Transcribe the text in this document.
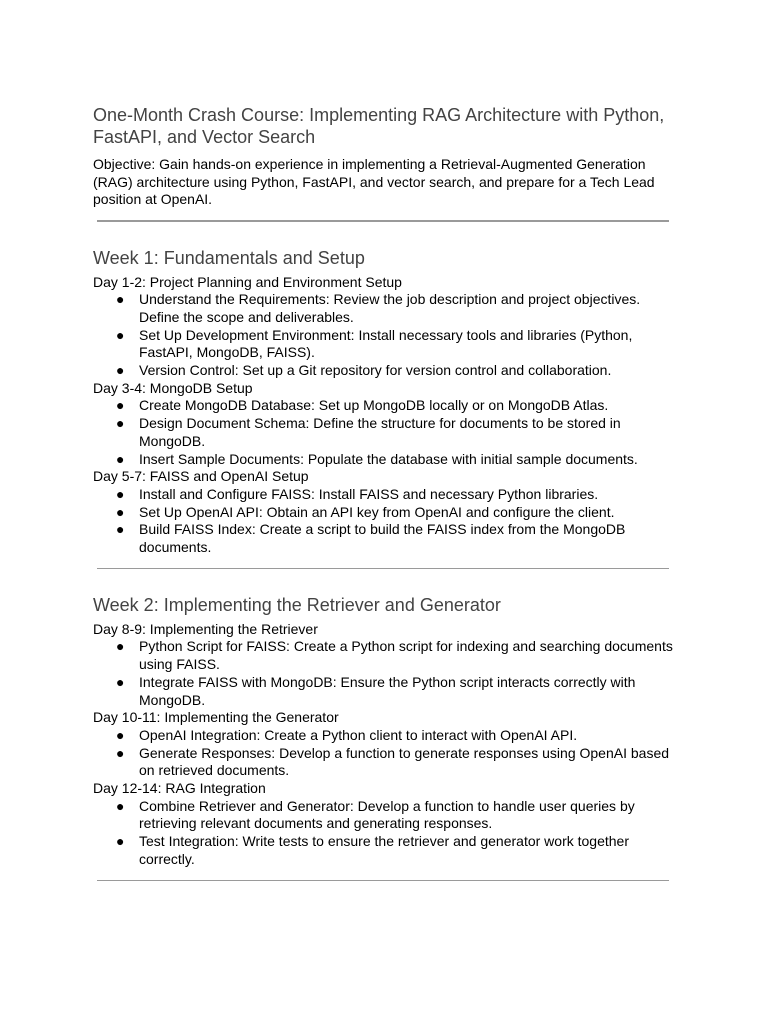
One-Month Crash Course: Implementing RAG Architecture with Python, FastAPI, and Vector Search

Objective: Gain hands-on experience in implementing a Retrieval-Augmented Generation (RAG) architecture using Python, FastAPI, and vector search, and prepare for a Tech Lead position at OpenAI.

Week 1: Fundamentals and Setup

Day 1-2: Project Planning and Environment Setup

● Understand the Requirements: Review the job description and project objectives. Define the scope and deliverables.
● Set Up Development Environment: Install necessary tools and libraries (Python, FastAPI, MongoDB, FAISS).
● Version Control: Set up a Git repository for version control and collaboration.

Day 3-4: MongoDB Setup

● Create MongoDB Database: Set up MongoDB locally or on MongoDB Atlas.
● Design Document Schema: Define the structure for documents to be stored in MongoDB.
● Insert Sample Documents: Populate the database with initial sample documents.

Day 5-7: FAISS and OpenAI Setup

● Install and Configure FAISS: Install FAISS and necessary Python libraries.
● Set Up OpenAI API: Obtain an API key from OpenAI and configure the client.
● Build FAISS Index: Create a script to build the FAISS index from the MongoDB documents.
Week 2: Implementing the Retriever and Generator

Day 8-9: Implementing the Retriever

● Python Script for FAISS: Create a Python script for indexing and searching documents using FAISS.
● Integrate FAISS with MongoDB: Ensure the Python script interacts correctly with MongoDB.

Day 10-11: Implementing the Generator

● OpenAI Integration: Create a Python client to interact with OpenAI API.
● Generate Responses: Develop a function to generate responses using OpenAI based on retrieved documents.

Day 12-14: RAG Integration

● Combine Retriever and Generator: Develop a function to handle user queries by retrieving relevant documents and generating responses.
● Test Integration: Write tests to ensure the retriever and generator work together correctly.
